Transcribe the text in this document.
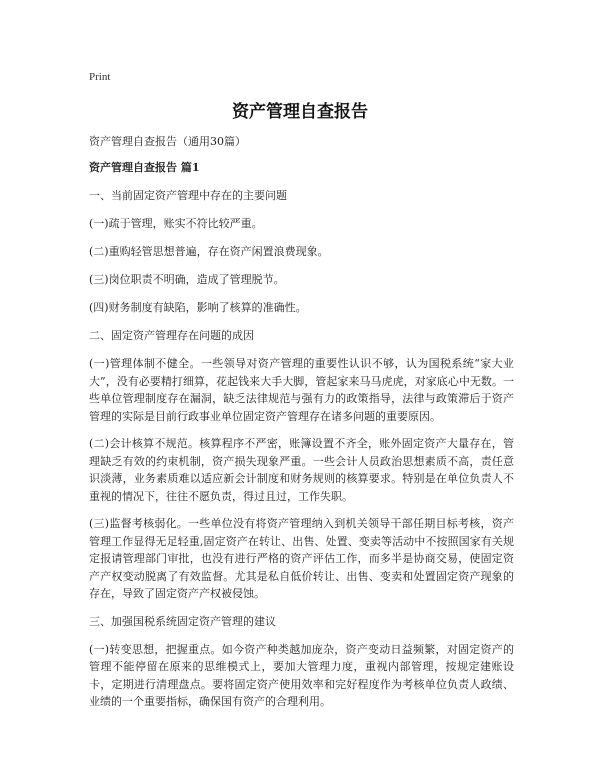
Print
资产管理自查报告

资产管理自查报告（通用30篇）

资产管理自查报告 篇1

一、当前固定资产管理中存在的主要问题

(一)疏于管理，账实不符比较严重。

(二)重购轻管思想普遍，存在资产闲置浪费现象。

(三)岗位职责不明确，造成了管理脱节。

(四)财务制度有缺陷，影响了核算的准确性。

二、固定资产管理存在问题的成因

(一)管理体制不健全。一些领导对资产管理的重要性认识不够，认为国税系统“家大业大”，没有必要精打细算，花起钱来大手大脚，管起家来马马虎虎，对家底心中无数。一些单位管理制度存在漏洞，缺乏法律规范与强有力的政策指导，法律与政策滞后于资产管理的实际是目前行政事业单位固定资产管理存在诸多问题的重要原因。

(二)会计核算不规范。核算程序不严密，账簿设置不齐全，账外固定资产大量存在，管理缺乏有效的约束机制，资产损失现象严重。一些会计人员政治思想素质不高，责任意识淡薄，业务素质难以适应新会计制度和财务规则的核算要求。特别是在单位负责人不重视的情况下，往往不愿负责，得过且过，工作失职。

(三)监督考核弱化。一些单位没有将资产管理纳入到机关领导干部任期目标考核，资产管理工作显得无足轻重,固定资产在转让、出售、处置、变卖等活动中不按照国家有关规定报请管理部门审批，也没有进行严格的资产评估工作，而多半是协商交易，使固定资产产权变动脱离了有效监督。尤其是私自低价转让、出售、变卖和处置固定资产现象的存在，导致了固定资产产权被侵蚀。

三、加强国税系统固定资产管理的建议

(一)转变思想，把握重点。如今资产种类越加庞杂，资产变动日益频繁，对固定资产的管理不能停留在原来的思维模式上，要加大管理力度，重视内部管理，按规定建账设卡，定期进行清理盘点。要将固定资产使用效率和完好程度作为考核单位负责人政绩、业绩的一个重要指标，确保国有资产的合理利用。
